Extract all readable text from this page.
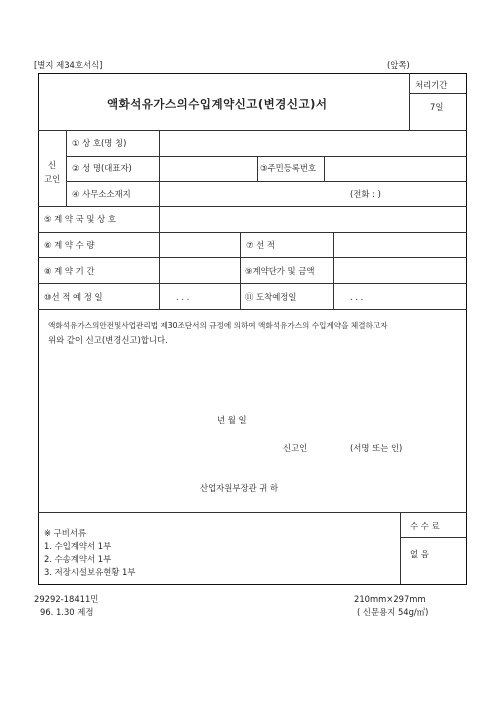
[별지 제34호서식]	(앞쪽)
액화석유가스의수입계약신고(변경신고)서
처리기간
7일
신
고인
① 상 호(명 칭)
② 성 명(대표자)	③주민등록번호
④ 사무소소재지	(전화 : )
⑤ 계 약 국 및 상 호
⑥ 계 약 수 량	⑦ 선 적
⑧ 계 약 기 간	⑨계약단가 및 금액
⑩선 적 예 정 일	. . .	⑪ 도착예정일	. . .
액화석유가스의안전및사업관리법 제30조단서의 규정에 의하여 액화석유가스의 수입계약을 체결하고자
위와 같이 신고(변경신고)합니다.
년 월 일
신고인	(서명 또는 인)
산업자원부장관 귀 하
※ 구비서류
1. 수입계약서 1부
2. 수송계약서 1부
3. 저장시설보유현황 1부
수 수 료
없 음
29292-18411민
96. 1.30 제정
210mm×297mm
( 신문용지 54g/㎡)
